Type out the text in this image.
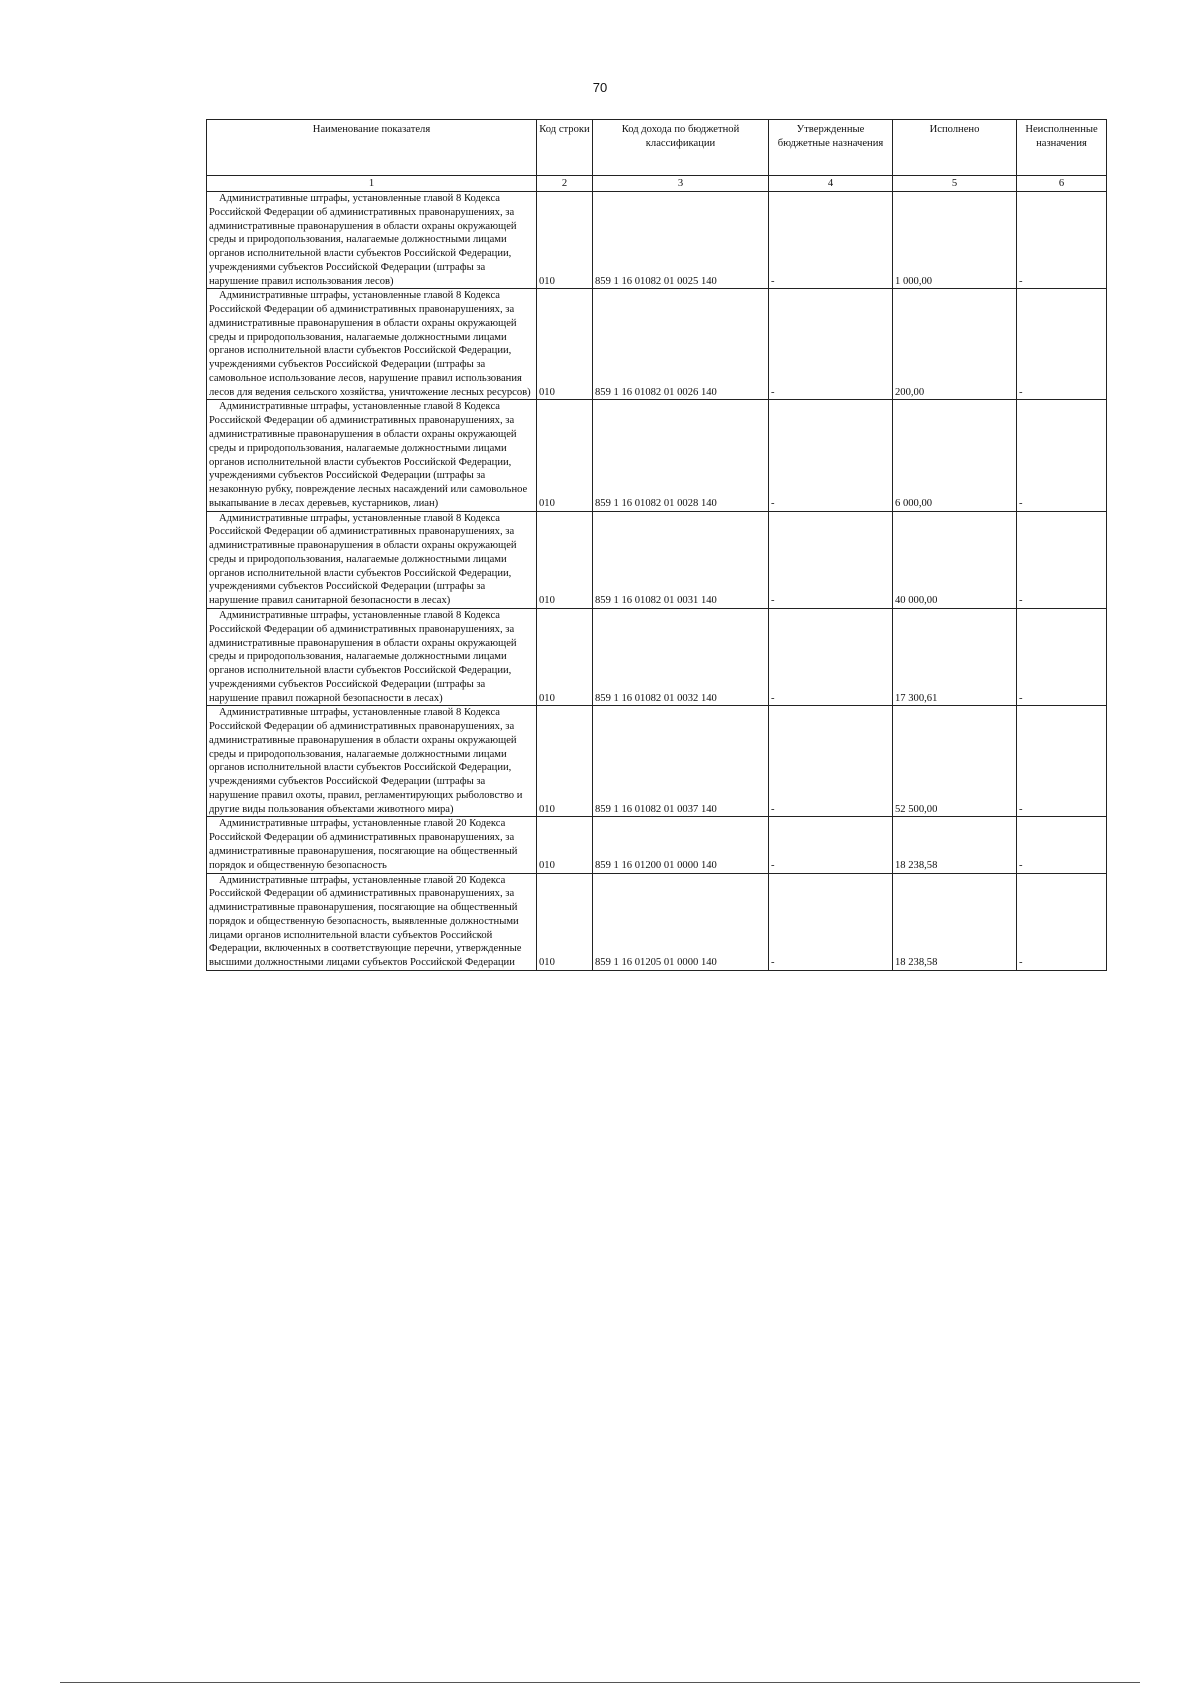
70
Наименование показателя	Код строки	Код дохода по бюджетной классификации	Утвержденные бюджетные назначения	Исполнено	Неисполненные назначения
1	2	3	4	5	6
Административные штрафы, установленные главой 8 Кодекса Российской Федерации об административных правонарушениях, за административные правонарушения в области охраны окружающей среды и природопользования, налагаемые должностными лицами органов исполнительной власти субъектов Российской Федерации, учреждениями субъектов Российской Федерации (штрафы за нарушение правил использования лесов)	010	859 1 16 01082 01 0025 140	-	1 000,00	-
Административные штрафы, установленные главой 8 Кодекса Российской Федерации об административных правонарушениях, за административные правонарушения в области охраны окружающей среды и природопользования, налагаемые должностными лицами органов исполнительной власти субъектов Российской Федерации, учреждениями субъектов Российской Федерации (штрафы за самовольное использование лесов, нарушение правил использования лесов для ведения сельского хозяйства, уничтожение лесных ресурсов)	010	859 1 16 01082 01 0026 140	-	200,00	-
Административные штрафы, установленные главой 8 Кодекса Российской Федерации об административных правонарушениях, за административные правонарушения в области охраны окружающей среды и природопользования, налагаемые должностными лицами органов исполнительной власти субъектов Российской Федерации, учреждениями субъектов Российской Федерации (штрафы за незаконную рубку, повреждение лесных насаждений или самовольное выкапывание в лесах деревьев, кустарников, лиан)	010	859 1 16 01082 01 0028 140	-	6 000,00	-
Административные штрафы, установленные главой 8 Кодекса Российской Федерации об административных правонарушениях, за административные правонарушения в области охраны окружающей среды и природопользования, налагаемые должностными лицами органов исполнительной власти субъектов Российской Федерации, учреждениями субъектов Российской Федерации (штрафы за нарушение правил санитарной безопасности в лесах)	010	859 1 16 01082 01 0031 140	-	40 000,00	-
Административные штрафы, установленные главой 8 Кодекса Российской Федерации об административных правонарушениях, за административные правонарушения в области охраны окружающей среды и природопользования, налагаемые должностными лицами органов исполнительной власти субъектов Российской Федерации, учреждениями субъектов Российской Федерации (штрафы за нарушение правил пожарной безопасности в лесах)	010	859 1 16 01082 01 0032 140	-	17 300,61	-
Административные штрафы, установленные главой 8 Кодекса Российской Федерации об административных правонарушениях, за административные правонарушения в области охраны окружающей среды и природопользования, налагаемые должностными лицами органов исполнительной власти субъектов Российской Федерации, учреждениями субъектов Российской Федерации (штрафы за нарушение правил охоты, правил, регламентирующих рыболовство и другие виды пользования объектами животного мира)	010	859 1 16 01082 01 0037 140	-	52 500,00	-
Административные штрафы, установленные главой 20 Кодекса Российской Федерации об административных правонарушениях, за административные правонарушения, посягающие на общественный порядок и общественную безопасность	010	859 1 16 01200 01 0000 140	-	18 238,58	-
Административные штрафы, установленные главой 20 Кодекса Российской Федерации об административных правонарушениях, за административные правонарушения, посягающие на общественный порядок и общественную безопасность, выявленные должностными лицами органов исполнительной власти субъектов Российской Федерации, включенных в соответствующие перечни, утвержденные высшими должностными лицами субъектов Российской Федерации	010	859 1 16 01205 01 0000 140	-	18 238,58	-
